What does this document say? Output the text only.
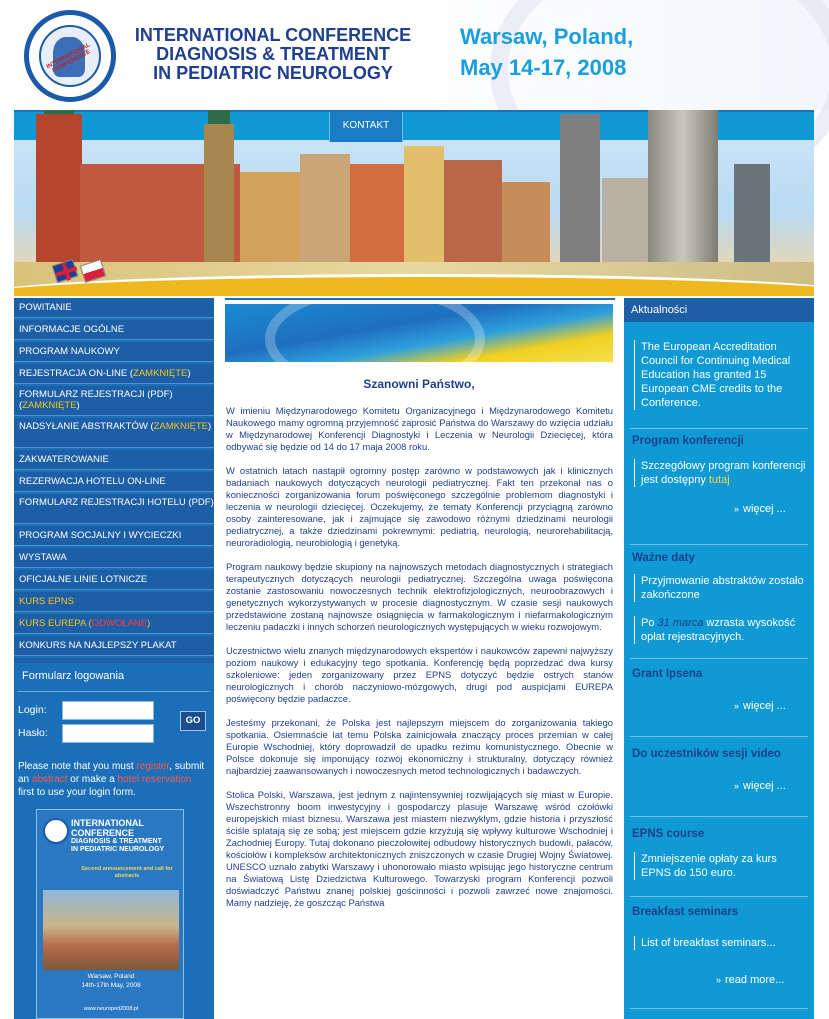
INTERNATIONAL CONFERENCE
INTERNATIONAL CONFERENCE
DIAGNOSIS & TREATMENT
IN PEDIATRIC NEUROLOGY
Warsaw, Poland,
May 14-17, 2008
KONTAKT
POWITANIE
INFORMACJE OGÓLNE
PROGRAM NAUKOWY
REJESTRACJA ON-LINE (ZAMKNIĘTE)
FORMULARZ REJESTRACJI (PDF) (ZAMKNIĘTE)
NADSYŁANIE ABSTRAKTÓW (ZAMKNIĘTE)
ZAKWATEROWANIE
REZERWACJA HOTELU ON-LINE
FORMULARZ REJESTRACJI HOTELU (PDF)
PROGRAM SOCJALNY I WYCIECZKI
WYSTAWA
OFICJALNE LINIE LOTNICZE
KURS EPNS
KURS EUREPA (ODWOŁANE)
KONKURS NA NAJLEPSZY PLAKAT
Formularz logowania
Login:
Hasło:
GO
Please note that you must register, submit an abstract or make a hotel reservation first to use your login form.
INTERNATIONAL
CONFERENCE
DIAGNOSIS & TREATMENT
IN PEDIATRIC NEUROLOGY
Second announcement and call for abstracts
Warsaw, Poland
14th-17th May, 2008
www.neuroped2008.pl
Szanowni Państwo,

W imieniu Międzynarodowego Komitetu Organizacyjnego i Międzynarodowego Komitetu Naukowego mamy ogromną przyjemność zaprosić Państwa do Warszawy do wzięcia udziału w Międzynarodowej Konferencji Diagnostyki i Leczenia w Neurologii Dziecięcej, która odbywać się będzie od 14 do 17 maja 2008 roku.

W ostatnich latach nastąpił ogromny postęp zarówno w podstawowych jak i klinicznych badaniach naukowych dotyczących neurologii pediatrycznej. Fakt ten przekonał nas o konieczności zorganizowania forum poświęconego szczególnie problemom diagnostyki i leczenia w neurologii dziecięcej. Oczekujemy, że tematy Konferencji przyciągną zarówno osoby zainteresowane, jak i zajmujące się zawodowo różnymi dziedzinami neurologii pediatrycznej, a także dziedzinami pokrewnymi: pediatrią, neurologią, neurorehabilitacją, neuroradiologią, neurobiologią i genetyką.

Program naukowy będzie skupiony na najnowszych metodach diagnostycznych i strategiach terapeutycznych dotyczących neurologii pediatrycznej. Szczególna uwaga poświęcona zostanie zastosowaniu nowoczesnych technik elektrofizjologicznych, neuroobrazowych i genetycznych wykorzystywanych w procesie diagnostycznym. W czasie sesji naukowych przedstawione zostaną najnowsze osiągnięcia w farmakologicznym i niefarmakologicznym leczeniu padaczki i innych schorzeń neurologicznych występujących w wieku rozwojowym.

Uczestnictwo wielu znanych międzynarodowych ekspertów i naukowców zapewni najwyższy poziom naukowy i edukacyjny tego spotkania. Konferencję będą poprzedzać dwa kursy szkoleniowe: jeden zorganizowany przez EPNS dotyczyć będzie ostrych stanów neurologicznych i chorób naczyniowo-mózgowych, drugi pod auspicjami EUREPA poświęcony będzie padaczce.

Jesteśmy przekonani, że Polska jest najlepszym miejscem do zorganizowania takiego spotkania. Osiemnaście lat temu Polska zainicjowała znaczący proces przemian w całej Europie Wschodniej, który doprowadził do upadku reżimu komunistycznego. Obecnie w Polsce dokonuje się imponujący rozwój ekonomiczny i strukturalny, dotyczący również najbardziej zaawansowanych i nowoczesnych metod technologicznych i badawczych.

Stolica Polski, Warszawa, jest jednym z najintensywniej rozwijających się miast w Europie. Wszechstronny boom inwestycyjny i gospodarczy plasuje Warszawę wśród czołówki europejskich miast biznesu. Warszawa jest miastem niezwykłym, gdzie historia i przyszłość ściśle splatają się ze sobą; jest miejscem gdzie krzyżują się wpływy kulturowe Wschodniej i Zachodniej Europy. Tutaj dokonano pieczołowitej odbudowy historycznych budowli, pałaców, kościołów i kompleksów architektonicznych zniszczonych w czasie Drugiej Wojny Światowej. UNESCO uznało zabytki Warszawy i uhonorowało miasto wpisując jego historyczne centrum na Światową Listę Dziedzictwa Kulturowego. Towarzyski program Konferencji pozwoli doświadczyć Państwu znanej polskiej gościnności i pozwoli zawrzeć nowe znajomości. Mamy nadzieję, że goszcząc Państwa

Aktualności
The European Accreditation Council for Continuing Medical Education has granted 15 European CME credits to the Conference.
Program konferencji
Szczegółowy program konferencji jest dostępny tutaj
» więcej ...
Ważne daty
Przyjmowanie abstraktów zostało zakończone
Po 31 marca wzrasta wysokość opłat rejestracyjnych.
Grant Ipsena
» więcej ...
Do uczestników sesji video
» więcej ...
EPNS course
Zmniejszenie opłaty za kurs EPNS do 150 euro.
Breakfast seminars
List of breakfast seminars...
» read more...
